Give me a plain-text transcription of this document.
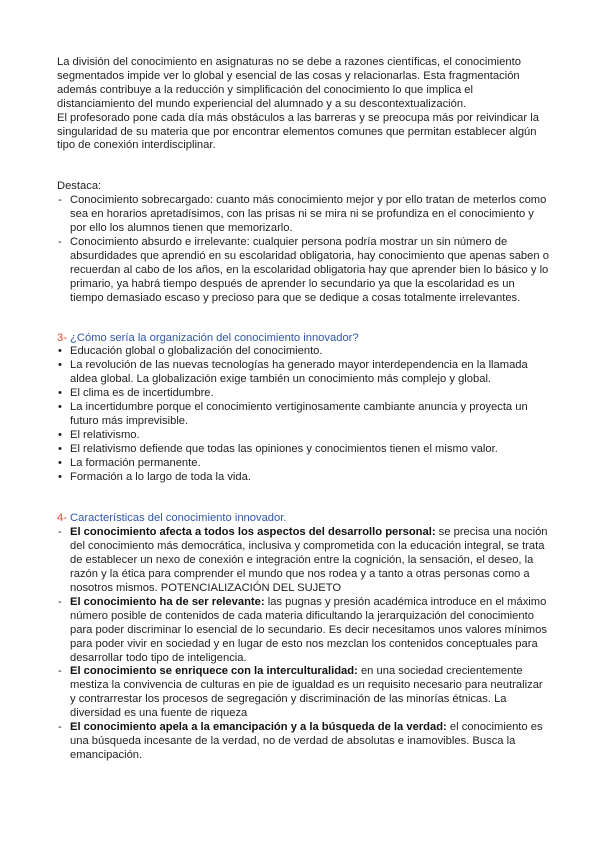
La división del conocimiento en asignaturas no se debe a razones científicas, el conocimiento segmentados impide ver lo global y esencial de las cosas y relacionarlas. Esta fragmentación además contribuye a la reducción y simplificación del conocimiento lo que implica el distanciamiento del mundo experiencial del alumnado y a su descontextualización.

El profesorado pone cada día más obstáculos a las barreras y se preocupa más por reivindicar la singularidad de su materia que por encontrar elementos comunes que permitan establecer algún tipo de conexión interdisciplinar.

Destaca:

- Conocimiento sobrecargado: cuanto más conocimiento mejor y por ello tratan de meterlos como sea en horarios apretadísimos, con las prisas ni se mira ni se profundiza en el conocimiento y por ello los alumnos tienen que memorizarlo.
- Conocimiento absurdo e irrelevante: cualquier persona podría mostrar un sin número de absurdidades que aprendió en su escolaridad obligatoria, hay conocimiento que apenas saben o recuerdan al cabo de los años, en la escolaridad obligatoria hay que aprender bien lo básico y lo primario, ya habrá tiempo después de aprender lo secundario ya que la escolaridad es un tiempo demasiado escaso y precioso para que se dedique a cosas totalmente irrelevantes.

3- ¿Cómo sería la organización del conocimiento innovador?

• Educación global o globalización del conocimiento.
• La revolución de las nuevas tecnologías ha generado mayor interdependencia en la llamada aldea global. La globalización exige también un conocimiento más complejo y global.
• El clima es de incertidumbre.
• La incertidumbre porque el conocimiento vertiginosamente cambiante anuncia y proyecta un futuro más imprevisible.
• El relativismo.
• El relativismo defiende que todas las opiniones y conocimientos tienen el mismo valor.
• La formación permanente.
• Formación a lo largo de toda la vida.

4- Características del conocimiento innovador.

- El conocimiento afecta a todos los aspectos del desarrollo personal: se precisa una noción del conocimiento más democrática, inclusiva y comprometida con la educación integral, se trata de establecer un nexo de conexión e integración entre la cognición, la sensación, el deseo, la razón y la ética para comprender el mundo que nos rodea y a tanto a otras personas como a nosotros mismos. POTENCIALIZACIÓN DEL SUJETO
- El conocimiento ha de ser relevante: las pugnas y presión académica introduce en el máximo número posible de contenidos de cada materia dificultando la jerarquización del conocimiento para poder discriminar lo esencial de lo secundario. Es decir necesitamos unos valores mínimos para poder vivir en sociedad y en lugar de esto nos mezclan los contenidos conceptuales para desarrollar todo tipo de inteligencia.
- El conocimiento se enriquece con la interculturalidad: en una sociedad crecientemente mestiza la convivencia de culturas en pie de igualdad es un requisito necesario para neutralizar y contrarrestar los procesos de segregación y discriminación de las minorías étnicas. La diversidad es una fuente de riqueza
- El conocimiento apela a la emancipación y a la búsqueda de la verdad: el conocimiento es una búsqueda incesante de la verdad, no de verdad de absolutas e inamovibles. Busca la emancipación.
